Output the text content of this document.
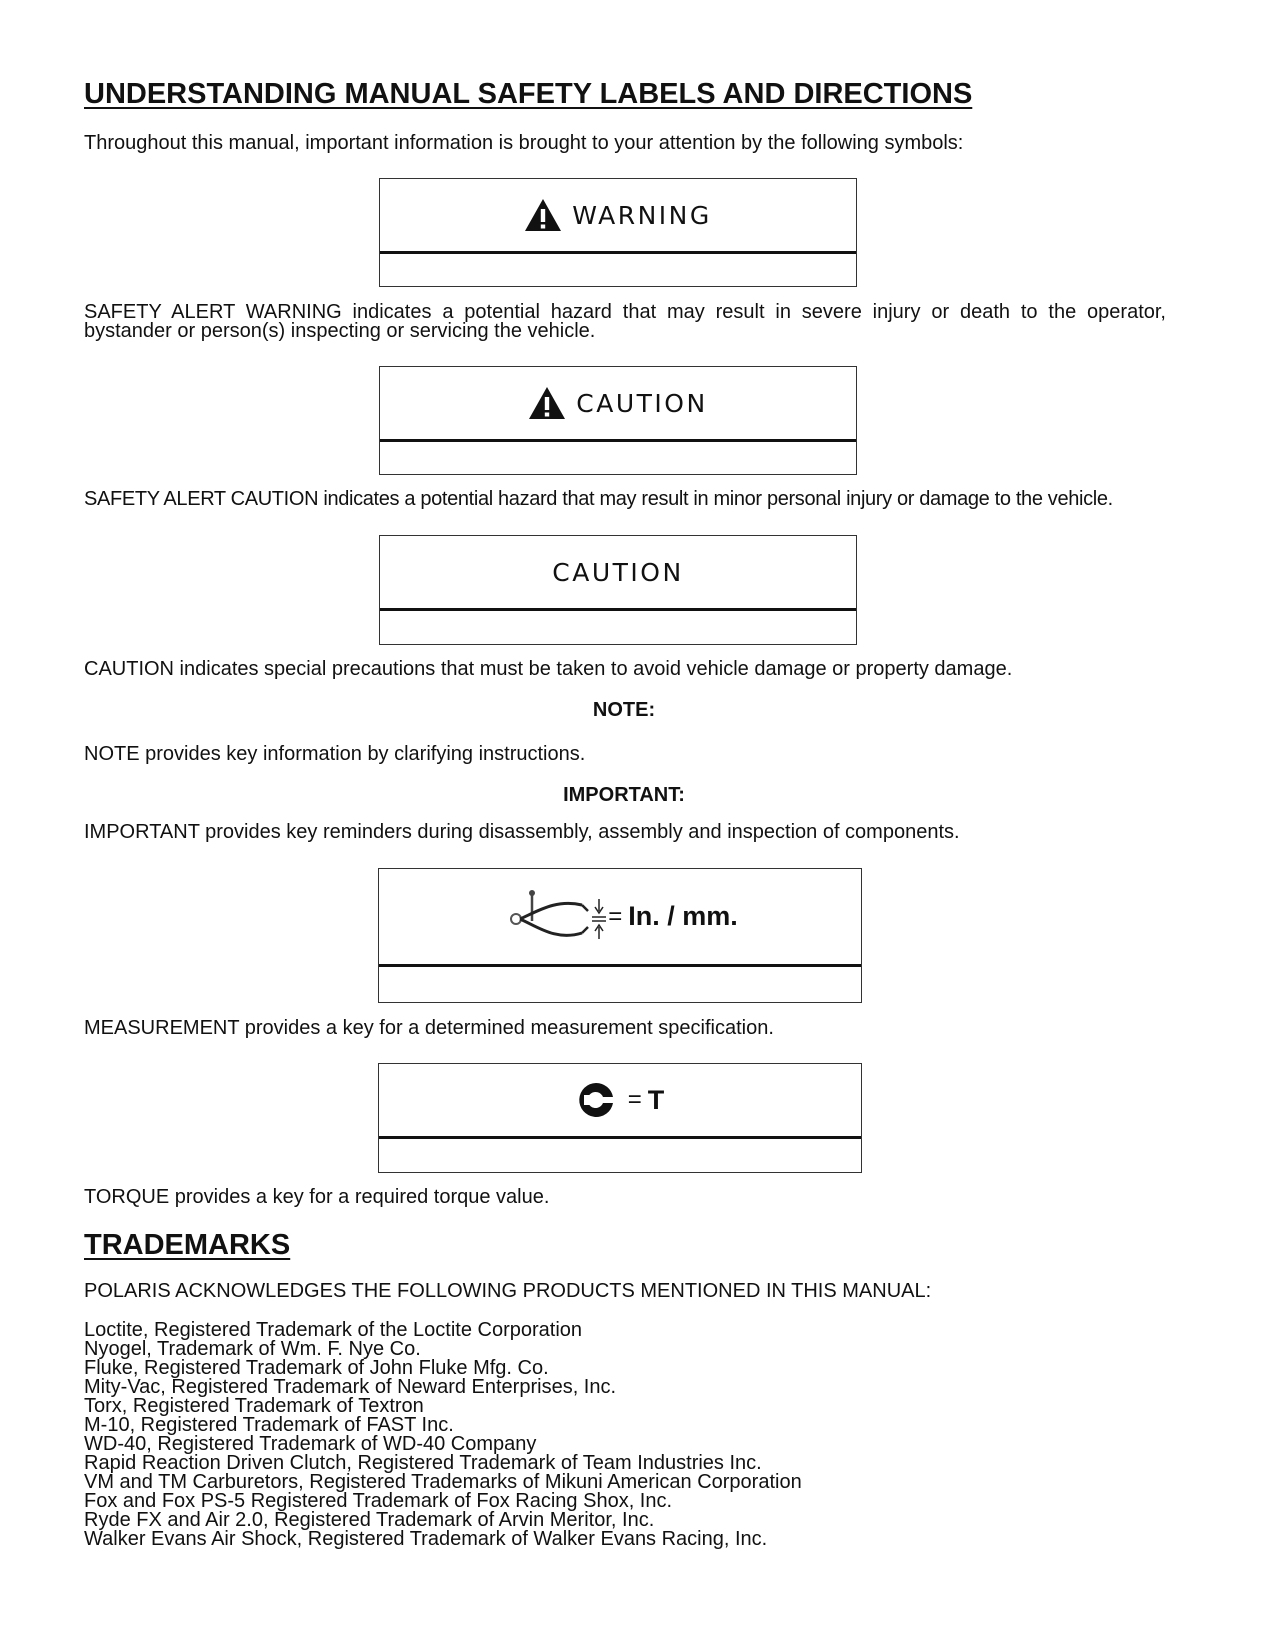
UNDERSTANDING MANUAL SAFETY LABELS AND DIRECTIONS
Throughout this manual, important information is brought to your attention by the following symbols:
WARNING
SAFETY ALERT WARNING indicates a potential hazard that may result in severe injury or death to the operator, bystander or person(s) inspecting or servicing the vehicle.
CAUTION
SAFETY ALERT CAUTION indicates a potential hazard that may result in minor personal injury or damage to the vehicle.
CAUTION
CAUTION indicates special precautions that must be taken to avoid vehicle damage or property damage.
NOTE:
NOTE provides key information by clarifying instructions.
IMPORTANT:
IMPORTANT provides key reminders during disassembly, assembly and inspection of components.
= In. / mm.
MEASUREMENT provides a key for a determined measurement specification.
= T
TORQUE provides a key for a required torque value.
TRADEMARKS
POLARIS ACKNOWLEDGES THE FOLLOWING PRODUCTS MENTIONED IN THIS MANUAL:
Loctite, Registered Trademark of the Loctite Corporation
Nyogel, Trademark of Wm. F. Nye Co.
Fluke, Registered Trademark of John Fluke Mfg. Co.
Mity-Vac, Registered Trademark of Neward Enterprises, Inc.
Torx, Registered Trademark of Textron
M-10, Registered Trademark of FAST Inc.
WD-40, Registered Trademark of WD-40 Company
Rapid Reaction Driven Clutch, Registered Trademark of Team Industries Inc.
VM and TM Carburetors, Registered Trademarks of Mikuni American Corporation
Fox and Fox PS-5 Registered Trademark of Fox Racing Shox, Inc.
Ryde FX and Air 2.0, Registered Trademark of Arvin Meritor, Inc.
Walker Evans Air Shock, Registered Trademark of Walker Evans Racing, Inc.
